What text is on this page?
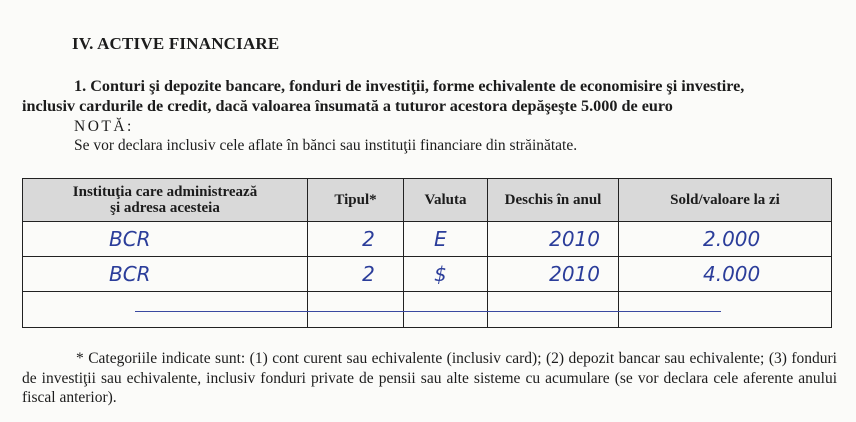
IV. ACTIVE FINANCIARE
1. Conturi şi depozite bancare, fonduri de investiţii, forme echivalente de economisire şi investire,
inclusiv cardurile de credit, dacă valoarea însumată a tuturor acestora depăşeşte 5.000 de euro
NOTĂ:
Se vor declara inclusiv cele aflate în bănci sau instituţii financiare din străinătate.
Instituţia care administrează
şi adresa acesteia	Tipul*	Valuta	Deschis în anul	Sold/valoare la zi
BCR	2	E	2010	2.000
BCR	2	$	2010	4.000

* Categoriile indicate sunt: (1) cont curent sau echivalente (inclusiv card); (2) depozit bancar sau echivalente; (3) fonduri de investiţii sau echivalente, inclusiv fonduri private de pensii sau alte sisteme cu acumulare (se vor declara cele aferente anului fiscal anterior).
